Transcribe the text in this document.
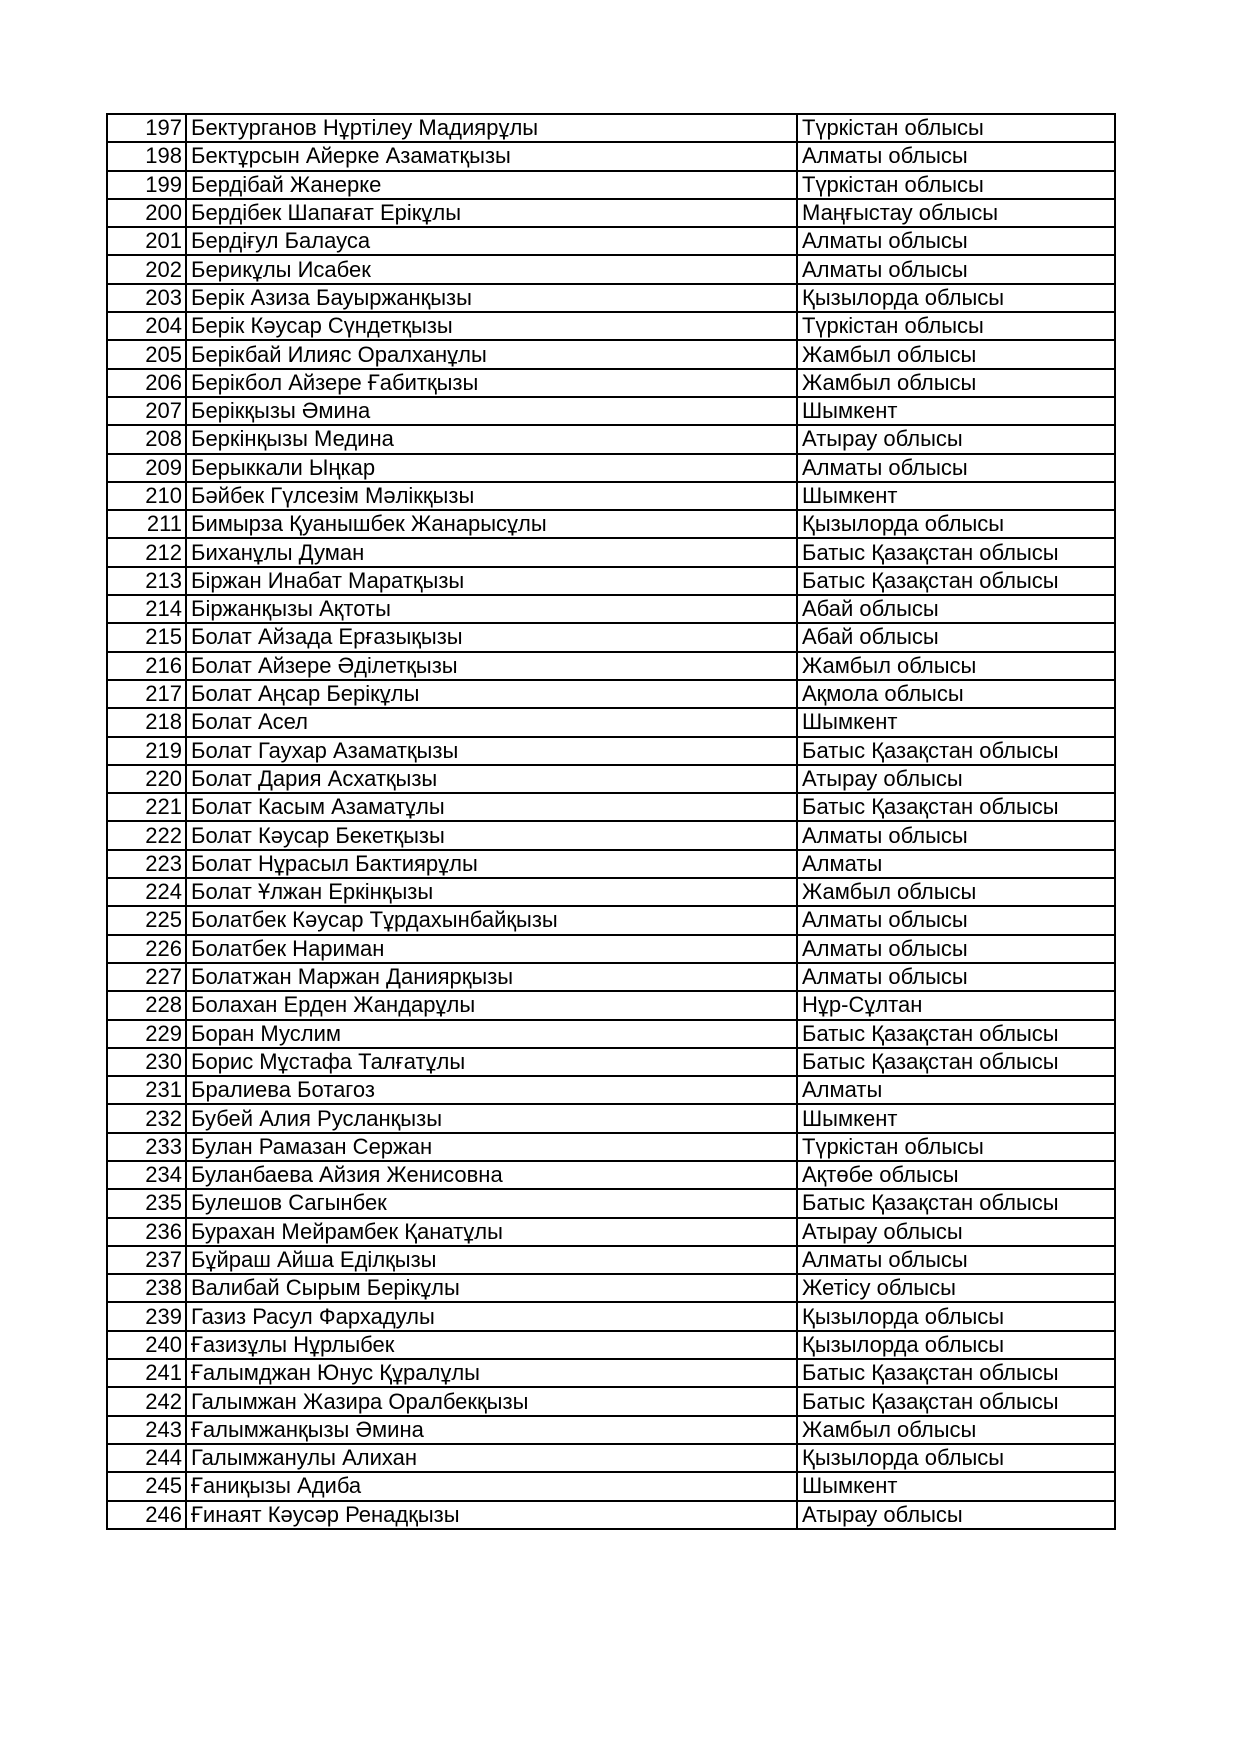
197	Бектурганов Нұртілеу Мадиярұлы	Түркістан облысы
198	Бектұрсын Айерке Азаматқызы	Алматы облысы
199	Бердібай Жанерке	Түркістан облысы
200	Бердібек Шапағат Ерікұлы	Маңғыстау облысы
201	Бердіғул Балауса	Алматы облысы
202	Берикұлы Исабек	Алматы облысы
203	Берік Азиза Бауыржанқызы	Қызылорда облысы
204	Берік Кәусар Сүндетқызы	Түркістан облысы
205	Берікбай Илияс Оралханұлы	Жамбыл облысы
206	Берікбол Айзере Ғабитқызы	Жамбыл облысы
207	Берікқызы Әмина	Шымкент
208	Беркінқызы Медина	Атырау облысы
209	Берыккали Ыңкар	Алматы облысы
210	Бәйбек Гүлсезім Мәлікқызы	Шымкент
211	Бимырза Қуанышбек Жанарысұлы	Қызылорда облысы
212	Биханұлы Думан	Батыс Қазақстан облысы
213	Біржан Инабат Маратқызы	Батыс Қазақстан облысы
214	Біржанқызы Ақтоты	Абай облысы
215	Болат Айзада Ерғазықызы	Абай облысы
216	Болат Айзере Әділетқызы	Жамбыл облысы
217	Болат Аңсар Берікұлы	Ақмола облысы
218	Болат Асел	Шымкент
219	Болат Гаухар Азаматқызы	Батыс Қазақстан облысы
220	Болат Дария Асхатқызы	Атырау облысы
221	Болат Касым Азаматұлы	Батыс Қазақстан облысы
222	Болат Кәусар Бекетқызы	Алматы облысы
223	Болат Нұрасыл Бактиярұлы	Алматы
224	Болат Ұлжан Еркінқызы	Жамбыл облысы
225	Болатбек Кәусар Тұрдахынбайқызы	Алматы облысы
226	Болатбек Нариман	Алматы облысы
227	Болатжан Маржан Даниярқызы	Алматы облысы
228	Болахан Ерден Жандарұлы	Нұр-Сұлтан
229	Боран Муслим	Батыс Қазақстан облысы
230	Борис Мұстафа Талғатұлы	Батыс Қазақстан облысы
231	Бралиева Ботагоз	Алматы
232	Бубей Алия Русланқызы	Шымкент
233	Булан Рамазан Сержан	Түркістан облысы
234	Буланбаева Айзия Женисовна	Ақтөбе облысы
235	Булешов Сагынбек	Батыс Қазақстан облысы
236	Бурахан Мейрамбек Қанатұлы	Атырау облысы
237	Бұйраш Айша Еділқызы	Алматы облысы
238	Валибай Сырым Берікұлы	Жетісу облысы
239	Газиз Расул Фархадулы	Қызылорда облысы
240	Ғазизұлы Нұрлыбек	Қызылорда облысы
241	Ғалымджан Юнус Құралұлы	Батыс Қазақстан облысы
242	Галымжан Жазира Оралбекқызы	Батыс Қазақстан облысы
243	Ғалымжанқызы Әмина	Жамбыл облысы
244	Галымжанулы Алихан	Қызылорда облысы
245	Ғаниқызы Адиба	Шымкент
246	Ғинаят Кәусәр Ренадқызы	Атырау облысы
